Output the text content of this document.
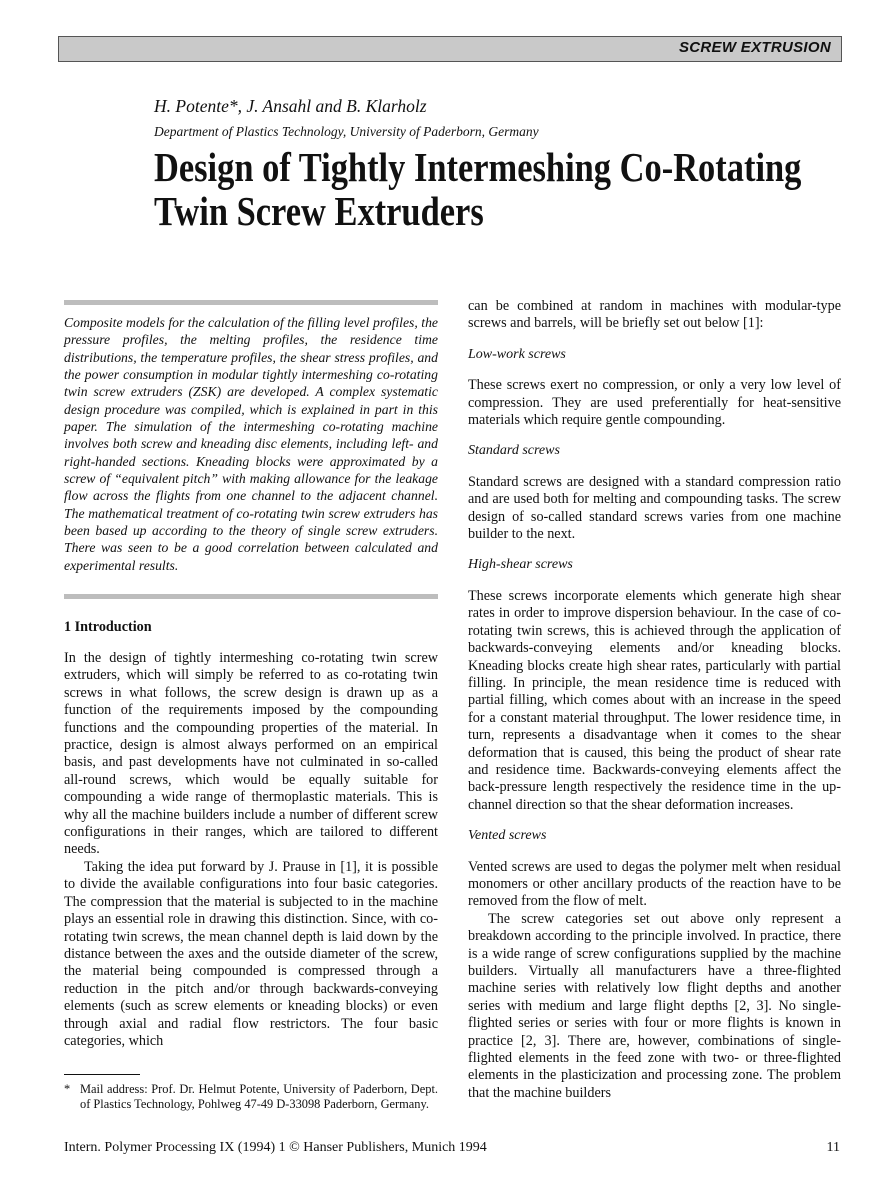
SCREW EXTRUSION
H. Potente*, J. Ansahl and B. Klarholz
Department of Plastics Technology, University of Paderborn, Germany
Design of Tightly Intermeshing Co-Rotating
Twin Screw Extruders

Composite models for the calculation of the filling level profiles, the pressure profiles, the melting profiles, the residence time distributions, the temperature profiles, the shear stress profiles, and the power consumption in modular tightly intermeshing co-rotating twin screw extruders (ZSK) are developed. A complex systematic design procedure was compiled, which is explained in part in this paper. The simulation of the intermeshing co-rotating machine involves both screw and kneading disc elements, including left- and right-handed sections. Kneading blocks were approximated by a screw of “equivalent pitch” with making allowance for the leakage flow across the flights from one channel to the adjacent channel. The mathematical treatment of co-rotating twin screw extruders has been based up according to the theory of single screw extruders. There was seen to be a good correlation between calculated and experimental results.

1 Introduction

In the design of tightly intermeshing co-rotating twin screw extruders, which will simply be referred to as co-rotating twin screws in what follows, the screw design is drawn up as a function of the requirements imposed by the compounding functions and the compounding properties of the material. In practice, design is almost always performed on an empirical basis, and past developments have not culminated in so-called all-round screws, which would be equally suitable for compounding a wide range of thermoplastic materials. This is why all the machine builders include a number of different screw configurations in their ranges, which are tailored to different needs.

Taking the idea put forward by J. Prause in [1], it is possible to divide the available configurations into four basic categories. The compression that the material is subjected to in the machine plays an essential role in drawing this distinction. Since, with co-rotating twin screws, the mean channel depth is laid down by the distance between the axes and the outside diameter of the screw, the material being compounded is compressed through a reduction in the pitch and/or through backwards-conveying elements (such as screw elements or kneading blocks) or even through axial and radial flow restrictors. The four basic categories, which

* Mail address: Prof. Dr. Helmut Potente, University of Paderborn, Dept. of Plastics Technology, Pohlweg 47-49 D-33098 Paderborn, Germany.

can be combined at random in machines with modular-type screws and barrels, will be briefly set out below [1]:

Low-work screws

These screws exert no compression, or only a very low level of compression. They are used preferentially for heat-sensitive materials which require gentle compounding.

Standard screws

Standard screws are designed with a standard compression ratio and are used both for melting and compounding tasks. The screw design of so-called standard screws varies from one machine builder to the next.

High-shear screws

These screws incorporate elements which generate high shear rates in order to improve dispersion behaviour. In the case of co-rotating twin screws, this is achieved through the application of backwards-conveying elements and/or kneading blocks. Kneading blocks create high shear rates, particularly with partial filling. In principle, the mean residence time is reduced with partial filling, which comes about with an increase in the speed for a constant material throughput. The lower residence time, in turn, represents a disadvantage when it comes to the shear deformation that is caused, this being the product of shear rate and residence time. Backwards-conveying elements affect the back-pressure length respectively the residence time in the up-channel direction so that the shear deformation increases.

Vented screws

Vented screws are used to degas the polymer melt when residual monomers or other ancillary products of the reaction have to be removed from the flow of melt.

The screw categories set out above only represent a breakdown according to the principle involved. In practice, there is a wide range of screw configurations supplied by the machine builders. Virtually all manufacturers have a three-flighted machine series with relatively low flight depths and another series with medium and large flight depths [2, 3]. No single-flighted series or series with four or more flights is known in practice [2, 3]. There are, however, combinations of single-flighted elements in the feed zone with two- or three-flighted elements in the plasticization and processing zone. The problem that the machine builders

Intern. Polymer Processing IX (1994) 1 © Hanser Publishers, Munich 1994	11
